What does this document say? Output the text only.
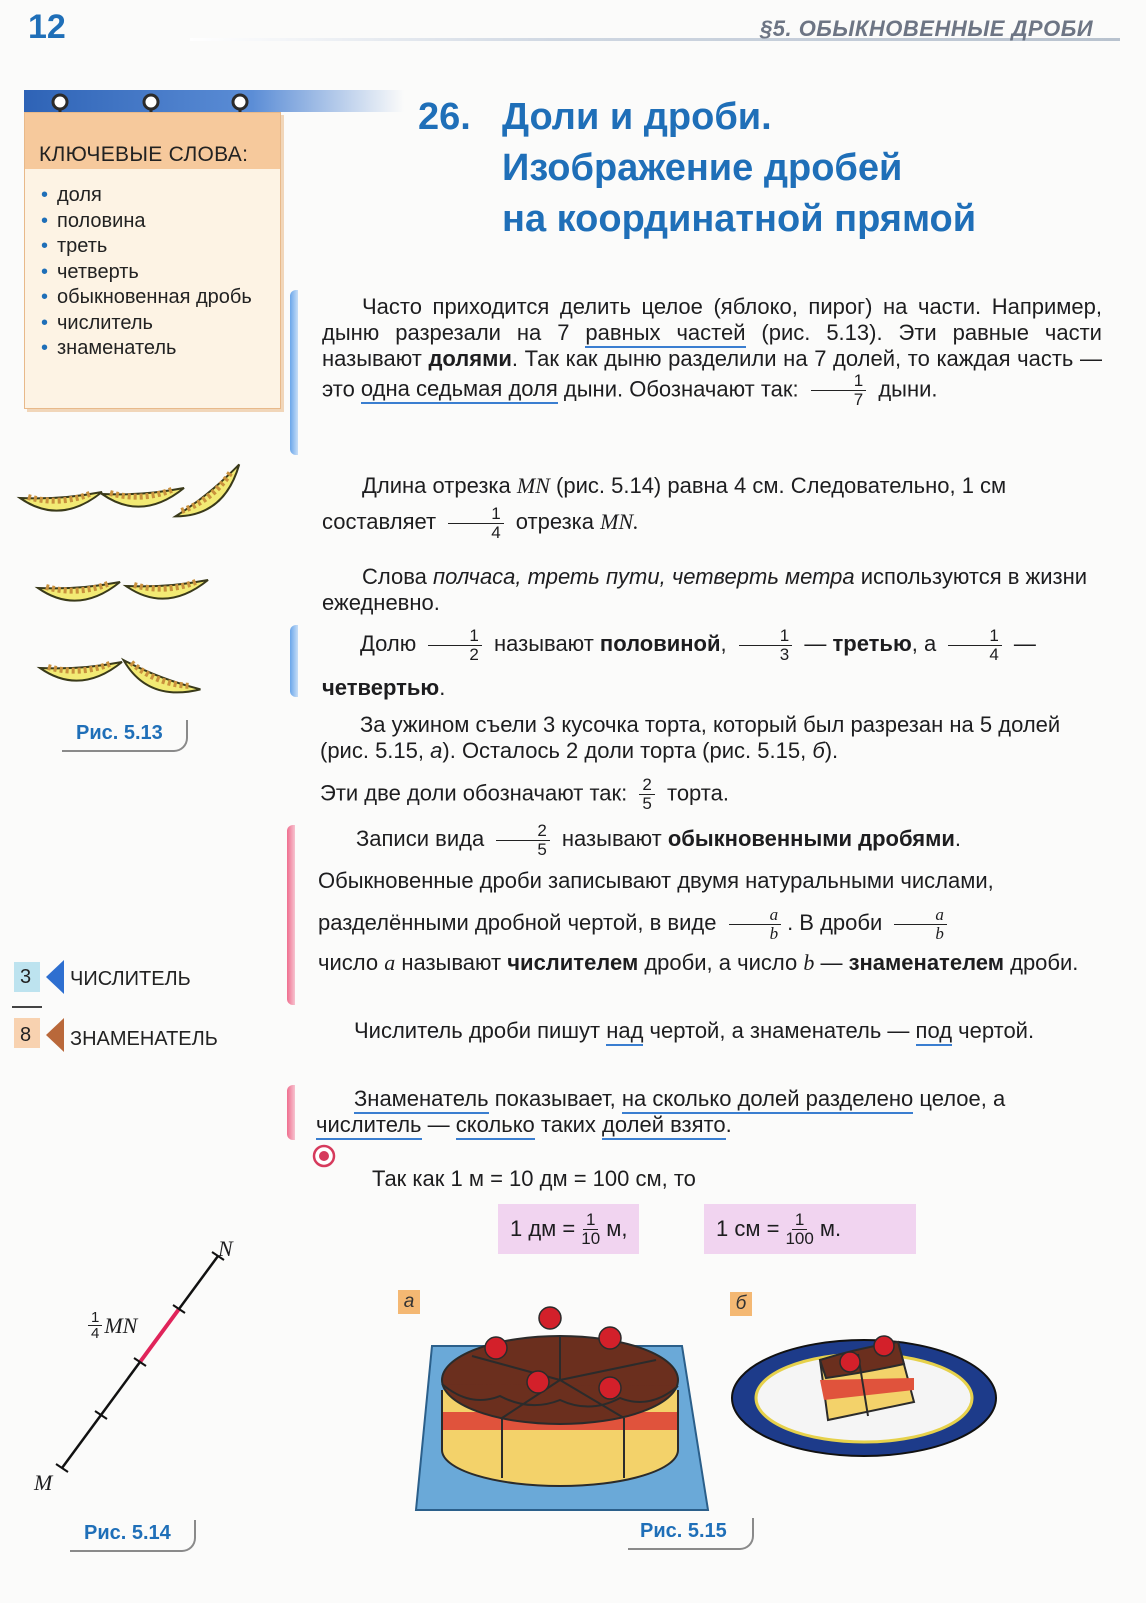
12	§5. ОБЫКНОВЕННЫЕ ДРОБИ
КЛЮЧЕВЫЕ СЛОВА:
• доля
• половина
• треть
• четверть
• обыкновенная дробь
• числитель
• знаменатель
26. Доли и дроби.
Изображение дробей
на координатной прямой
Часто приходится делить целое (яблоко, пирог) на части. Например, дыню разрезали на 7 равных частей (рис. 5.13). Эти равные части называют долями. Так как дыню разделили на 7 долей, то каждая часть — это одна седьмая доля дыни. Обозначают так: $\frac{1}{7}$ дыни.
Длина отрезка MN (рис. 5.14) равна 4 см. Следовательно, 1 см составляет $\frac{1}{4}$ отрезка MN.
Слова полчаса, треть пути, четверть метра используются в жизни ежедневно.
Долю $\frac{1}{2}$ называют половиной, $\frac{1}{3}$ — третью, а $\frac{1}{4}$ — четвертью.
За ужином съели 3 кусочка торта, который был разрезан на 5 долей (рис. 5.15, а). Осталось 2 доли торта (рис. 5.15, б).
Эти две доли обозначают так: $\frac{2}{5}$ торта.
Записи вида $\frac{2}{5}$ называют обыкновенными дробями. Обыкновенные дроби записывают двумя натуральными числами, разделёнными дробной чертой, в виде $\frac{a}{b}$ . В дроби $\frac{a}{b}$
число a называют числителем дроби, а число b — знаменателем дроби.
Числитель дроби пишут над чертой, а знаменатель — под чертой.
Знаменатель показывает, на сколько долей разделено целое, а числитель — сколько таких долей взято.
Так как 1 м = 10 дм = 100 см, то
1 дм = $\frac{1}{10} м$,	1 см = $\frac{1}{100} м$.
Рис. 5.13
3 ЧИСЛИТЕЛЬ
8 ЗНАМЕНАТЕЛЬ
N
M
$\frac{1}{4}$ MN
Рис. 5.14
а	б
Рис. 5.15
